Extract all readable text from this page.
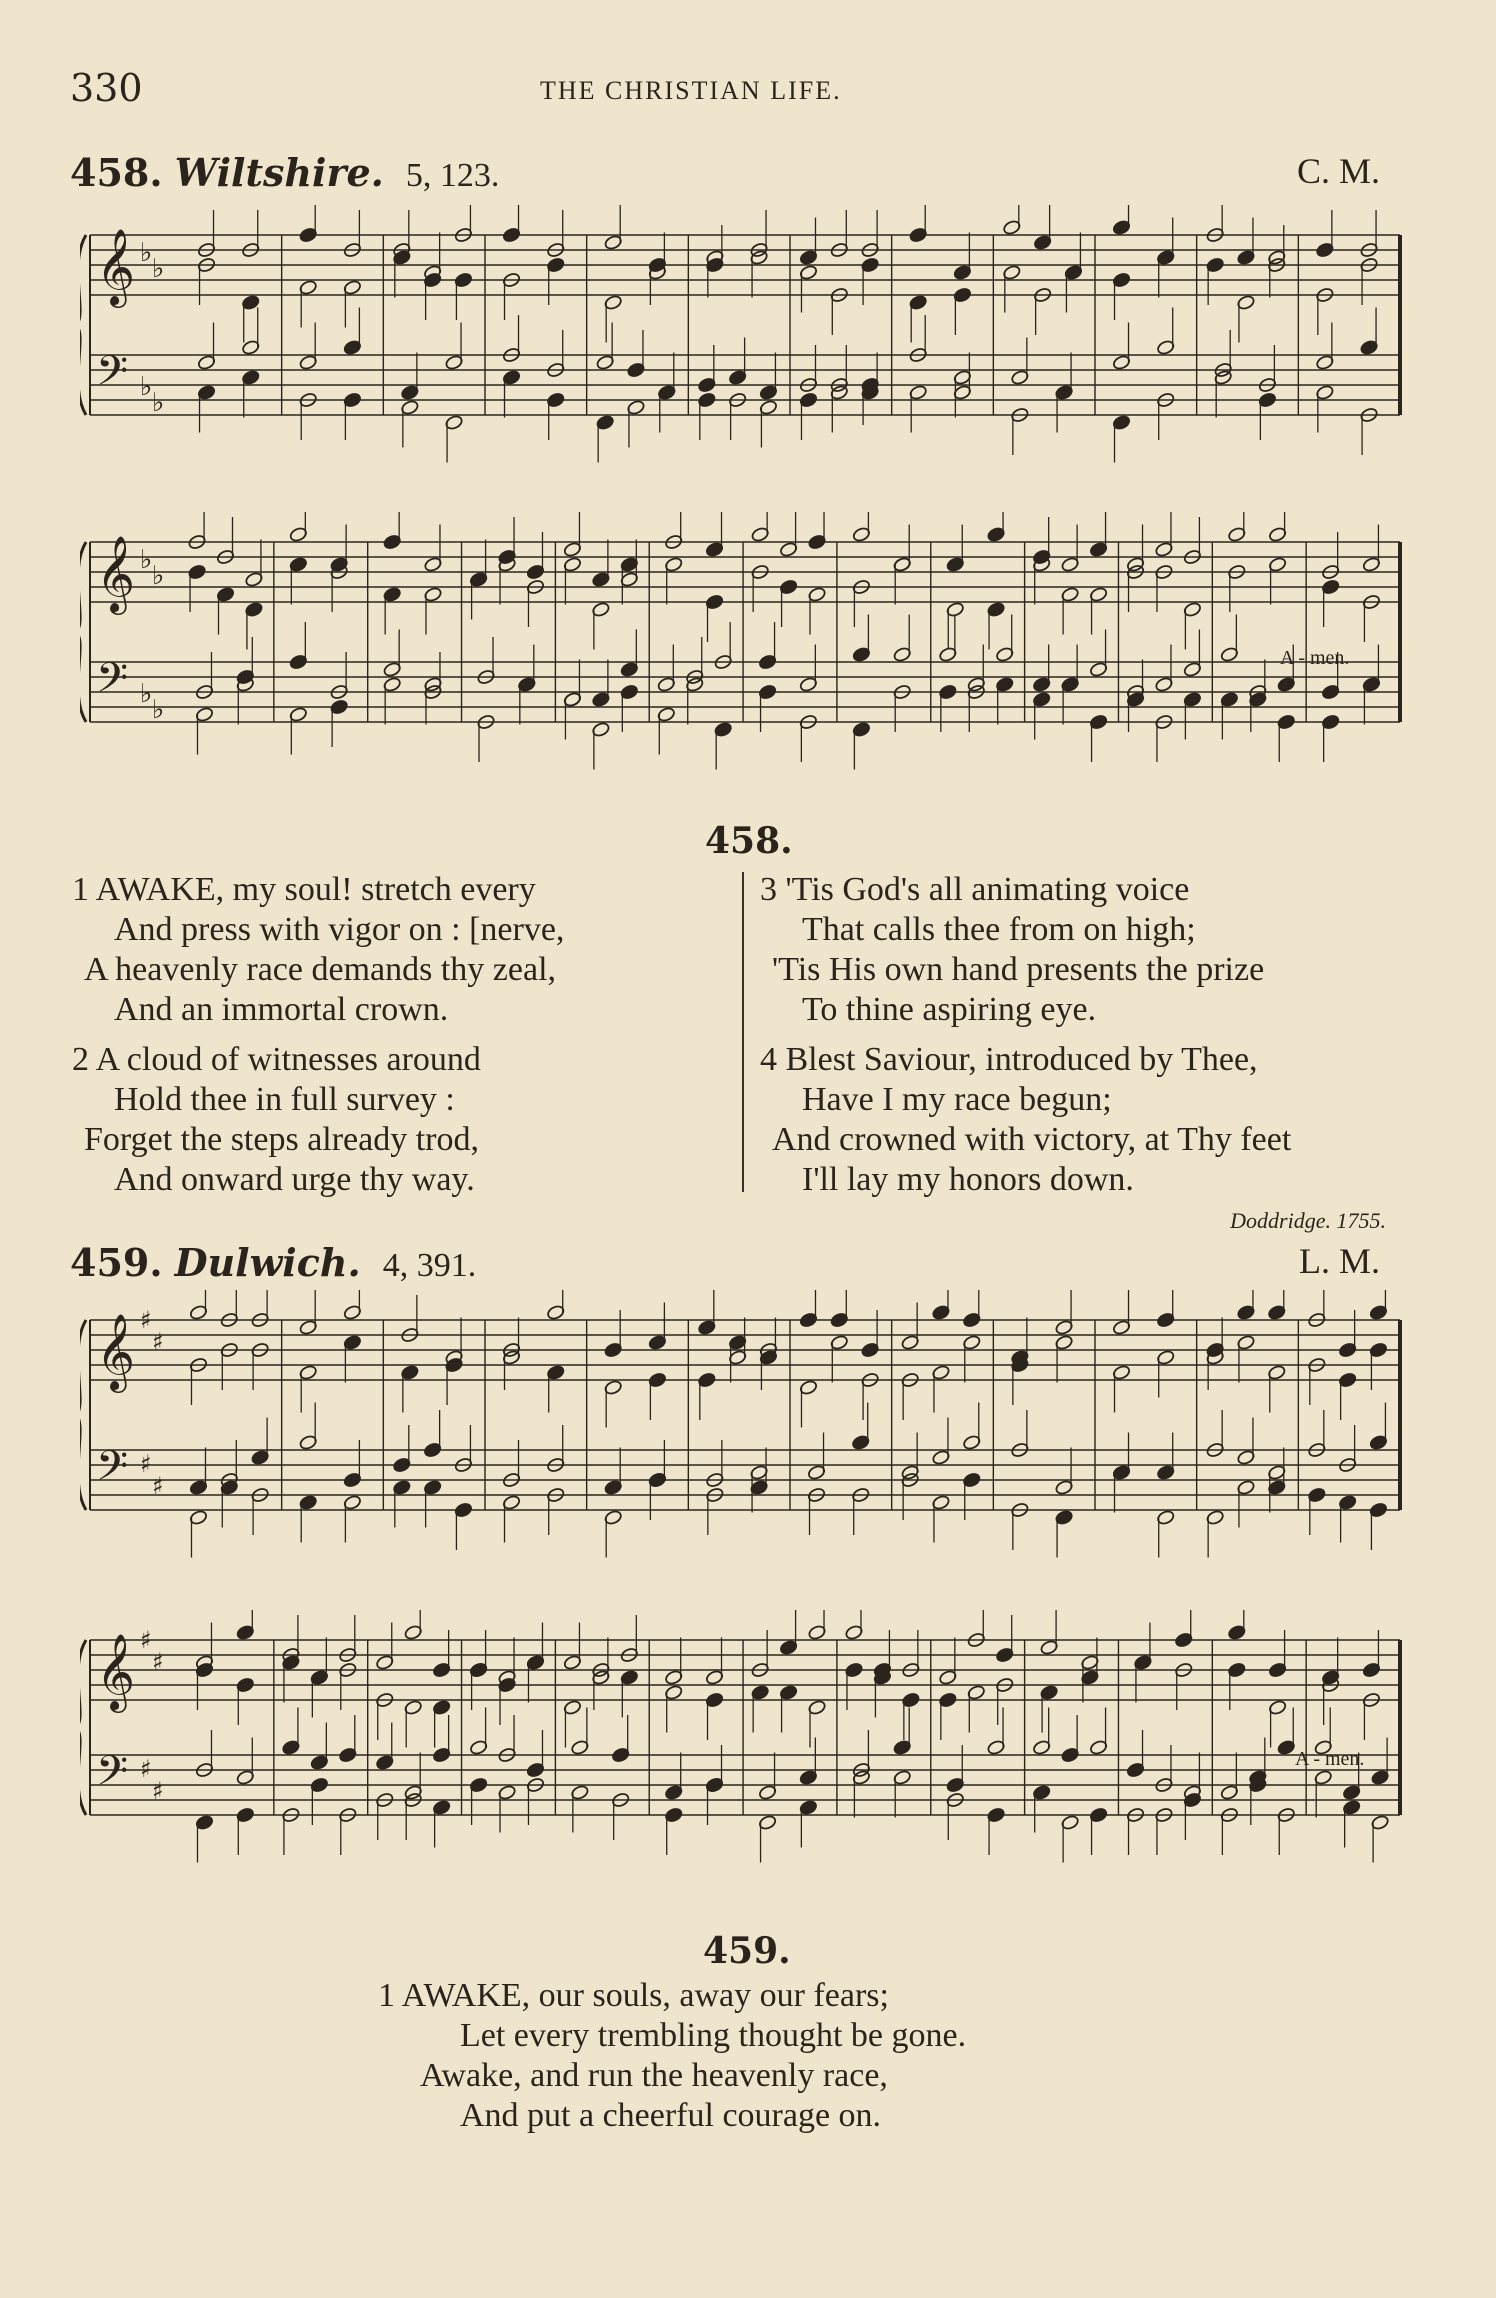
330	THE CHRISTIAN LIFE.
458. Wiltshire. 5, 123.	C. M.
𝄞 ♭
♭
𝄢 ♭
♭
𝄞 ♭
♭
𝄢 ♭
♭
A - men.
458.
1 AWAKE, my soul! stretch every
And press with vigor on : [nerve,
A heavenly race demands thy zeal,
And an immortal crown.
2 A cloud of witnesses around
Hold thee in full survey :
Forget the steps already trod,
And onward urge thy way.
3 'Tis God's all animating voice
That calls thee from on high;
'Tis His own hand presents the prize
To thine aspiring eye.
4 Blest Saviour, introduced by Thee,
Have I my race begun;
And crowned with victory, at Thy feet
I'll lay my honors down.
Doddridge. 1755.
459. Dulwich. 4, 391.	L. M.
𝄞 ♯
♯
𝄢 ♯
♯
𝄞 ♯
♯
𝄢 ♯
♯
A - men.
459.
1 AWAKE, our souls, away our fears;
Let every trembling thought be gone.
Awake, and run the heavenly race,
And put a cheerful courage on.
